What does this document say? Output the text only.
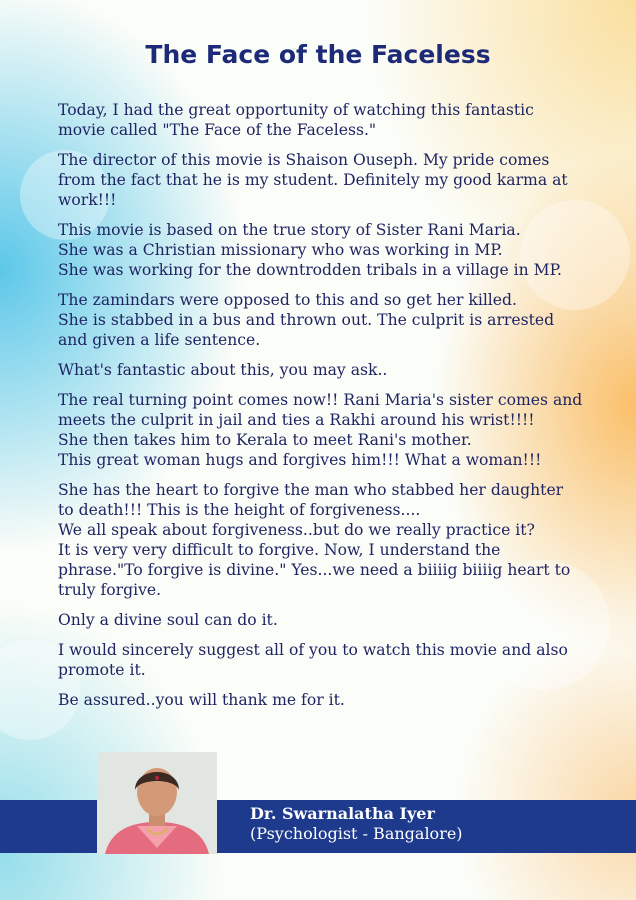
The Face of the Faceless

Today, I had the great opportunity of watching this fantastic
movie called "The Face of the Faceless."

The director of this movie is Shaison Ouseph. My pride comes
from the fact that he is my student. Definitely my good karma at
work!!!

This movie is based on the true story of Sister Rani Maria.
She was a Christian missionary who was working in MP.
She was working for the downtrodden tribals in a village in MP.

The zamindars were opposed to this and so get her killed.
She is stabbed in a bus and thrown out. The culprit is arrested
and given a life sentence.

What's fantastic about this, you may ask..

The real turning point comes now!! Rani Maria's sister comes and
meets the culprit in jail and ties a Rakhi around his wrist!!!!
She then takes him to Kerala to meet Rani's mother.
This great woman hugs and forgives him!!! What a woman!!!

She has the heart to forgive the man who stabbed her daughter
to death!!! This is the height of forgiveness....
We all speak about forgiveness..but do we really practice it?
It is very very difficult to forgive. Now, I understand the
phrase."To forgive is divine." Yes...we need a biiiig biiiig heart to
truly forgive.

Only a divine soul can do it.

I would sincerely suggest all of you to watch this movie and also
promote it.

Be assured..you will thank me for it.

Dr. Swarnalatha Iyer
(Psychologist - Bangalore)
